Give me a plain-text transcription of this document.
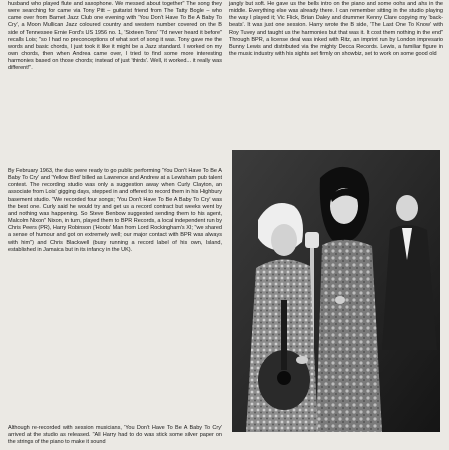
husband who played flute and saxophone. We messed about together" The song they were searching for came via Tony Pitt – guitarist friend from The Tatty Bogle – who came over from Barnet Jazz Club one evening with 'You Don't Have To Be A Baby To Cry', a Moon Mullican Jazz coloured country and western number covered on the B side of Tennessee Ernie Ford's US 1956 no. 1, 'Sixteen Tons' "I'd never heard it before" recalls Lois; "so I had no preconceptions of what sort of song it was. Tony gave me the words and basic chords, I just took it like it might be a Jazz standard. I worked on my own chords, then when Andrea came over, I tried to find some more interesting harmonies based on those chords; instead of just 'thirds'. Well, it worked... it really was different!".

By February 1963, the duo were ready to go public performing 'You Don't Have To Be A Baby To Cry' and 'Yellow Bird' billed as Lawrence and Andrew at a Lewisham pub talent contest. The recording studio was only a suggestion away when Curly Clayton, an associate from Lois' gigging days, stepped in and offered to record them in his Highbury basement studio. "We recorded four songs; 'You Don't Have To Be A Baby To Cry' was the best one. Curly said he would try and get us a record contract but weeks went by and nothing was happening. So Steve Benbow suggested sending them to his agent, Malcolm Nixon" Nixon, in turn, played them to BPR Records, a local independent run by Chris Peers (PR), Harry Robinson ('Hoots' Man from Lord Rockingham's XI; "we shared a sense of humour and got on extremely well; our major contact with BPR was always with him") and Chris Blackwell (busy running a record label of his own, Island, established in Jamaica but in its infancy in the UK).

Although re-recorded with session musicians, 'You Don't Have To Be A Baby To Cry' arrived at the studio as released. "All Harry had to do was stick some silver paper on the strings of the piano to make it sound

jangly but soft. He gave us the bells intro on the piano and some oohs and ahs in the middle. Everything else was already there. I can remember sitting in the studio playing the way I played it; Vic Flick, Brian Daley and drummer Kenny Clare copying my 'back-beats'. It was just one session. Harry wrote the B side, 'The Last One To Know' with Roy Tuvey and taught us the harmonies but that was it. It cost them nothing in the end" Through BPR, a license deal was inked with Ritz, an imprint run by London impresario Bunny Lewis and distributed via the mighty Decca Records. Lewis, a familiar figure in the music industry with his sights set firmly on showbiz, set to work on some good old
